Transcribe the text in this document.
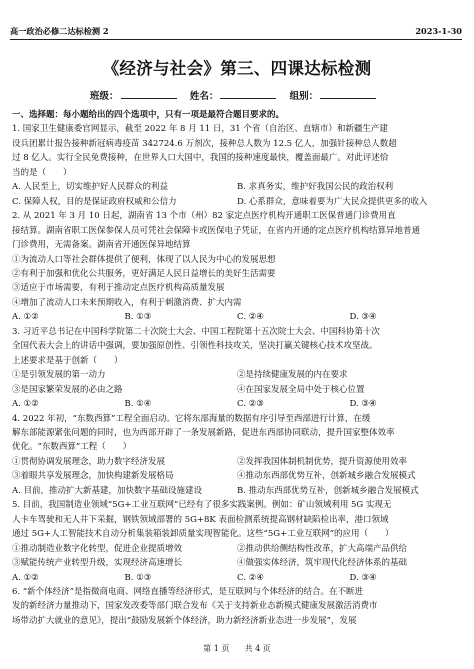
高一政治必修二达标检测 2	2023-1-30
《经济与社会》第三、四课达标检测
班级：	姓名：	组别：

一、选择题：每小题给出的四个选项中，只有一项是最符合题目要求的。

1. 国家卫生健康委官网显示，截至 2022 年 8 月 11 日，31 个省（自治区、直辖市）和新疆生产建

设兵团累计报告接种新冠病毒疫苗 342724.6 万剂次，接种总人数为 12.5 亿人，加强针接种总人数超

过 8 亿人。实行全民免费接种，在世界人口大国中，我国的接种速度最快，覆盖面最广。对此评述恰

当的是（　　）

A. 人民至上，切实维护好人民群众的利益	B. 求真务实，维护好我国公民的政治权利

C. 保障人权，目的是保证政府权威和公信力	D. 心系群众，意味着要为广大民众提供更多的收入

2. 从 2021 年 3 月 10 日起，湖南省 13 个市（州）82 家定点医疗机构开通职工医保普通门诊费用直

接结算。湖南省职工医保参保人员可凭社会保障卡或医保电子凭证，在省内开通的定点医疗机构结算异地普通

门诊费用，无需备案。湖南省开通医保异地结算

①为流动人口等社会群体提供了便利，体现了以人民为中心的发展思想

②有利于加强和优化公共服务，更好满足人民日益增长的美好生活需要

③适应于市场需要，有利于推动定点医疗机构高质量发展

④增加了流动人口未来预期收入，有利于刺激消费、扩大内需

A. ①②	B. ①③	C. ②④	D. ③④

3. 习近平总书记在中国科学院第二十次院士大会、中国工程院第十五次院士大会、中国科协第十次

全国代表大会上的讲话中强调，要加强原创性、引领性科技攻关，坚决打赢关键核心技术攻坚战。

上述要求是基于创新（　　）

①是引领发展的第一动力	②是持续健康发展的内在要求

③是国家繁荣发展的必由之路	④在国家发展全局中处于核心位置

A. ①②	B. ①④	C. ②③	D. ③④

4. 2022 年初，“东数西算”工程全面启动。它将东部海量的数据有序引导至西部进行计算，在缓

解东部能源紧张问题的同时，也为西部开辟了一条发展新路，促进东西部协同联动，提升国家整体效率

优化。“东数西算”工程（　　）

①贯彻协调发展理念，助力数字经济发展	②发挥我国体制机制优势，提升资源使用效率

③着眼共享发展理念，加快构建新发展格局	④推动东西部优势互补，创新城乡融合发展模式

A. 目前，推动扩大新基建，加快数字基础设施建设	B. 推动东西部优势互补，创新城乡融合发展模式

5. 目前，我国制造业领域“5G+工业互联网”已经有了很多实践案例。例如：矿山领域利用 5G 实现无

人卡车驾驶和无人井下采掘，钢铁领域部署的 5G+8K 表面检测系统提高钢材缺陷检出率，港口领域

通过 5G+人工智能技术自动分析集装箱装卸质量实现智能化。这些“5G+工业互联网”的应用（　　）

①推动制造业数字化转型，促进企业提质增效	②推动供给侧结构性改革，扩大高端产品供给

③赋能传统产业转型升级，实现经济高速增长	④做强实体经济，筑牢现代化经济体系的基础

A. ①②	B. ①③	C. ②④	D. ③④

6. “新个体经济”是指微商电商、网络直播等经济形式，是互联网与个体经济的结合。在不断进

发的新经济力量推动下，国家发改委等部门联合发布《关于支持新业态新模式健康发展激活消费市

场带动扩大就业的意见》，提出“鼓励发展新个体经济，助力新经济新业态进一步发展”，发展

第 1 页 共 4 页
